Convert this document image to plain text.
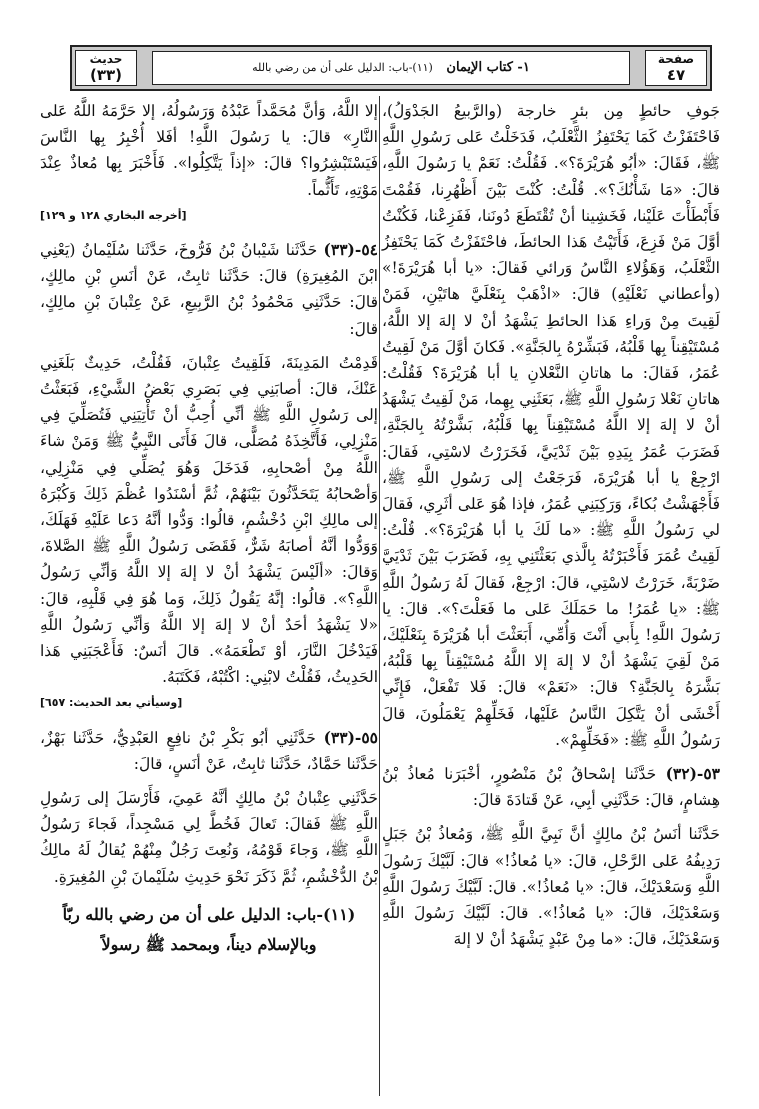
صفحة
٤٧
١- كتاب الإيمان   (١١)-باب: الدليل على أن من رضي بالله
حديث
(٣٣)

جَوفِ حائطٍ مِن بئرٍ خارجة (والرَّبيعُ الجَدْوَلُ)، فَاحْتَفَزْتُ كَمَا يَحْتَفِزُ الثَّعْلَبُ، فَدَخَلْتُ عَلى رَسُولِ اللَّهِ ﷺ، فَقَالَ: «أبُو هُرَيْرَةَ؟». فَقُلْتُ: نَعَمْ يا رَسُولَ اللَّهِ، قالَ: «مَا شَأْنُكَ؟». قُلْتُ: كُنْتَ بَيْنَ أَظْهُرِنا، فَقُمْتَ فَأَبْطَأْتَ عَلَيْنا، فَخَشِينا أنْ تُقْتَطَعَ دُونَنا، فَفَزِعْنا، فَكُنْتُ أوَّلَ مَنْ فَزِعَ، فَأَتَيْتُ هَذا الحائطَ، فاحْتَفَزْتُ كَمَا يَحْتَفِزُ الثَّعْلَبُ، وَهَؤُلاءِ النَّاسُ وَرائي فَقالَ: «يا أبا هُرَيْرَةَ!» (وأعطاني نَعْلَيْهِ) قالَ: «اذْهَبْ بِنَعْلَيَّ هاتَيْنِ، فَمَنْ لَقِيتَ مِنْ وَراءِ هَذا الحائطِ يَشْهَدُ أنْ لا إلهَ إلا اللَّهُ، مُسْتَيْقِناً بِها قَلْبُهُ، فَبَشِّرْهُ بِالجَنَّةِ». فَكانَ أوَّلَ مَنْ لَقِيتُ عُمَرُ، فَقالَ: ما هاتانِ النَّعْلانِ يا أبا هُرَيْرَةَ؟ فَقُلْتُ: هاتانِ نَعْلا رَسُولِ اللَّهِ ﷺ، بَعَثَنِي بِهِما، مَنْ لَقِيتُ يَشْهَدُ أنْ لا إلهَ إلا اللَّهُ مُسْتَيْقِناً بِها قَلْبُهُ، بَشَّرْتُهُ بِالجَنَّةِ، فَضَرَبَ عُمَرُ بِيَدِهِ بَيْنَ ثَدْيَيَّ، فَخَرَرْتُ لاسْتِي، فَقالَ: ارْجِعْ يا أبا هُرَيْرَةَ، فَرَجَعْتُ إلى رَسُولِ اللَّهِ ﷺ، فَأَجْهَشْتُ بُكاءً، وَرَكِبَنِي عُمَرُ، فإذا هُوَ عَلى أثَرِي، فَقالَ لي رَسُولُ اللَّهِ ﷺ: «ما لَكَ يا أبا هُرَيْرَةَ؟». قُلْتُ: لَقِيتُ عُمَرَ فَأَخْبَرْتُهُ بِالَّذي بَعَثْتَنِي بِهِ، فَضَرَبَ بَيْنَ ثَدْيَيَّ ضَرْبَةً، خَرَرْتُ لاسْتِي، قالَ: ارْجِعْ، فَقالَ لَهُ رَسُولُ اللَّهِ ﷺ: «يا عُمَرُ! ما حَمَلَكَ عَلى ما فَعَلْتَ؟». قالَ: يا رَسُولَ اللَّهِ! بِأَبي أَنْتَ وَأُمِّي، أَبَعَثْتَ أبا هُرَيْرَةَ بِنَعْلَيْكَ، مَنْ لَقِيَ يَشْهَدُ أنْ لا إلهَ إلا اللَّهُ مُسْتَيْقِناً بِها قَلْبُهُ، بَشَّرَهُ بِالجَنَّةِ؟ قالَ: «نَعَمْ» قالَ: فَلا تَفْعَلْ، فَإِنِّي أَخْشَى أنْ يَتَّكِلَ النَّاسُ عَلَيْها، فَخَلِّهِمْ يَعْمَلُونَ، قالَ رَسُولُ اللَّهِ ﷺ: «فَخَلِّهِمْ».

٥٣-(٣٢) حَدَّثَنا إسْحاقُ بْنُ مَنْصُورٍ، أخْبَرَنا مُعاذُ بْنُ هِشامٍ، قالَ: حَدَّثَنِي أبِي، عَنْ قَتادَةَ قالَ:

حَدَّثَنا أنَسُ بْنُ مالِكٍ أنَّ نَبِيَّ اللَّهِ ﷺ، وَمُعاذُ بْنُ جَبَلٍ رَدِيفُهُ عَلى الرَّحْلِ، قالَ: «يا مُعاذُ!» قالَ: لَبَّيْكَ رَسُولَ اللَّهِ وَسَعْدَيْكَ، قالَ: «يا مُعاذُ!». قالَ: لَبَّيْكَ رَسُولَ اللَّهِ وَسَعْدَيْكَ، قالَ: «يا مُعاذُ!». قالَ: لَبَّيْكَ رَسُولَ اللَّهِ وَسَعْدَيْكَ، قالَ: «ما مِنْ عَبْدٍ يَشْهَدُ أنْ لا إلهَ

إلا اللَّهُ، وَأنَّ مُحَمَّداً عَبْدُهُ وَرَسُولُهُ، إلا حَرَّمَهُ اللَّهُ عَلى النَّارِ» قالَ: يا رَسُولَ اللَّهِ! أفَلا أُخْبِرُ بِها النَّاسَ فَيَسْتَبْشِرُوا؟ قالَ: «إذاً يَتَّكِلُوا». فَأَخْبَرَ بِها مُعاذٌ عِنْدَ مَوْتِهِ، تَأَثُّماً.

[أخرجه البخاري ١٢٨ و ١٢٩]

٥٤-(٣٣) حَدَّثَنا شَيْبانُ بْنُ فَرُّوخَ، حَدَّثَنا سُلَيْمانُ (يَعْنِي ابْنَ المُغِيرَةِ) قالَ: حَدَّثَنا ثابِتٌ، عَنْ أنَسِ بْنِ مالِكٍ، قالَ: حَدَّثَنِي مَحْمُودُ بْنُ الرَّبِيعِ، عَنْ عِتْبانَ بْنِ مالِكٍ، قالَ:

قَدِمْتُ المَدِينَةَ، فَلَقِيتُ عِتْبانَ، فَقُلْتُ، حَدِيثٌ بَلَغَنِي عَنْكَ، قالَ: أصابَنِي فِي بَصَرِي بَعْضُ الشَّيْءِ، فَبَعَثْتُ إلى رَسُولِ اللَّهِ ﷺ أنِّي أُحِبُّ أنْ تَأْتِيَنِي فَتُصَلِّيَ فِي مَنْزِلِي، فَأَتَّخِذَهُ مُصَلًّى، قالَ فَأَتَى النَّبِيُّ ﷺ وَمَنْ شاءَ اللَّهُ مِنْ أصْحابِهِ، فَدَخَلَ وَهُوَ يُصَلِّي فِي مَنْزِلِي، وَأصْحابُهُ يَتَحَدَّثُونَ بَيْنَهُمْ، ثُمَّ أسْنَدُوا عُظْمَ ذَلِكَ وَكُبْرَهُ إلى مالِكِ ابْنِ دُخْشُمٍ، قالُوا: وَدُّوا أنَّهُ دَعا عَلَيْهِ فَهَلَكَ، وَوَدُّوا أنَّهُ أصابَهُ شَرٌّ، فَقَضَى رَسُولُ اللَّهِ ﷺ الصَّلاةَ، وَقالَ: «ألَيْسَ يَشْهَدُ أنْ لا إلهَ إلا اللَّهُ وَأنِّي رَسُولُ اللَّهِ؟». قالُوا: إنَّهُ يَقُولُ ذَلِكَ، وَما هُوَ فِي قَلْبِهِ، قالَ: «لا يَشْهَدُ أحَدٌ أنْ لا إلهَ إلا اللَّهُ وَأنِّي رَسُولُ اللَّهِ فَيَدْخُلَ النَّارَ، أوْ تَطْعَمَهُ». قالَ أنَسٌ: فَأَعْجَبَنِي هَذا الحَدِيثُ، فَقُلْتُ لابْنِي: اكْتُبْهُ، فَكَتَبَهُ.

[وسيأتي بعد الحديث: ٦٥٧]

٥٥-(٣٣) حَدَّثَنِي أبُو بَكْرِ بْنُ نافِعٍ العَبْدِيُّ، حَدَّثَنا بَهْزٌ، حَدَّثَنا حَمَّادٌ، حَدَّثَنا ثابِتٌ، عَنْ أنَسٍ، قالَ:

حَدَّثَنِي عِتْبانُ بْنُ مالِكٍ أنَّهُ عَمِيَ، فَأَرْسَلَ إلى رَسُولِ اللَّهِ ﷺ فَقالَ: تَعالَ فَخُطَّ لِي مَسْجِداً، فَجاءَ رَسُولُ اللَّهِ ﷺ، وَجاءَ قَوْمُهُ، وَنُعِتَ رَجُلٌ مِنْهُمْ يُقالُ لَهُ مالِكُ بْنُ الدُّخْشُمِ، ثُمَّ ذَكَرَ نَحْوَ حَدِيثِ سُلَيْمانَ بْنِ المُغِيرَةِ.

(١١)-باب: الدليل على أن من رضي بالله ربّاً وبالإسلام ديناً، وبمحمد ﷺ رسولاً
